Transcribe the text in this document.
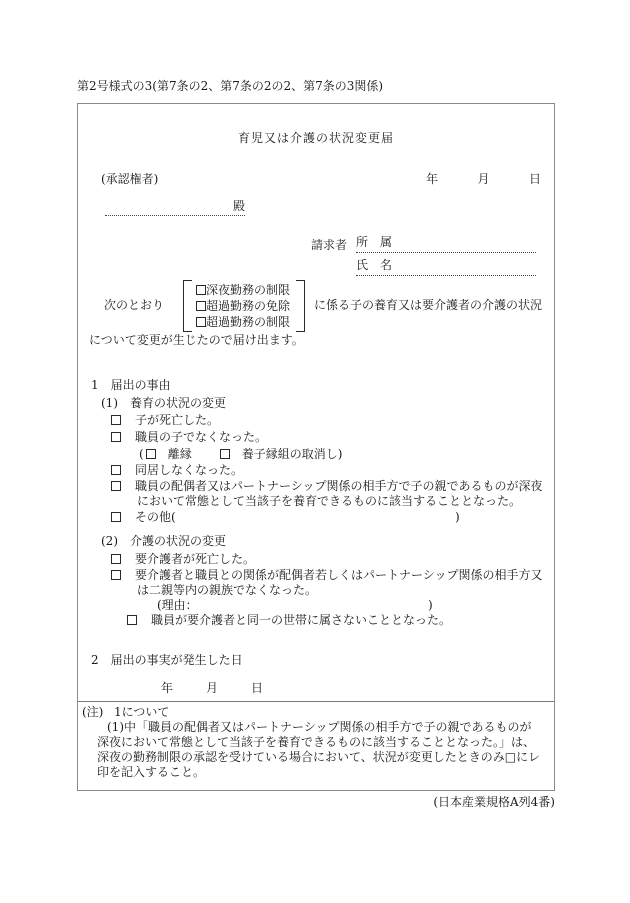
第2号様式の3(第7条の2、第7条の2の2、第7条の3関係)
育児又は介護の状況変更届
(承認権者)	年	月	日
殿
請求者 所　属
氏　名
次のとおり
深夜勤務の制限
超過勤務の免除
超過勤務の制限
に係る子の養育又は要介護者の介護の状況
について変更が生じたので届け出ます。
1　届出の事由
(1)　養育の状況の変更
子が死亡した。
職員の子でなくなった。
( 離縁	養子縁組の取消し)
同居しなくなった。
職員の配偶者又はパートナーシップ関係の相手方で子の親であるものが深夜
において常態として当該子を養育できるものに該当することとなった。
その他(	)
(2)　介護の状況の変更
要介護者が死亡した。
要介護者と職員との関係が配偶者若しくはパートナーシップ関係の相手方又
は二親等内の親族でなくなった。
(理由：	)
職員が要介護者と同一の世帯に属さないこととなった。
2　届出の事実が発生した日
年	月	日
(注) 1について
(1)中「職員の配偶者又はパートナーシップ関係の相手方で子の親であるものが
深夜において常態として当該子を養育できるものに該当することとなった。」は、
深夜の勤務制限の承認を受けている場合において、状況が変更したときのみ□にレ
印を記入すること。
(日本産業規格A列4番)
